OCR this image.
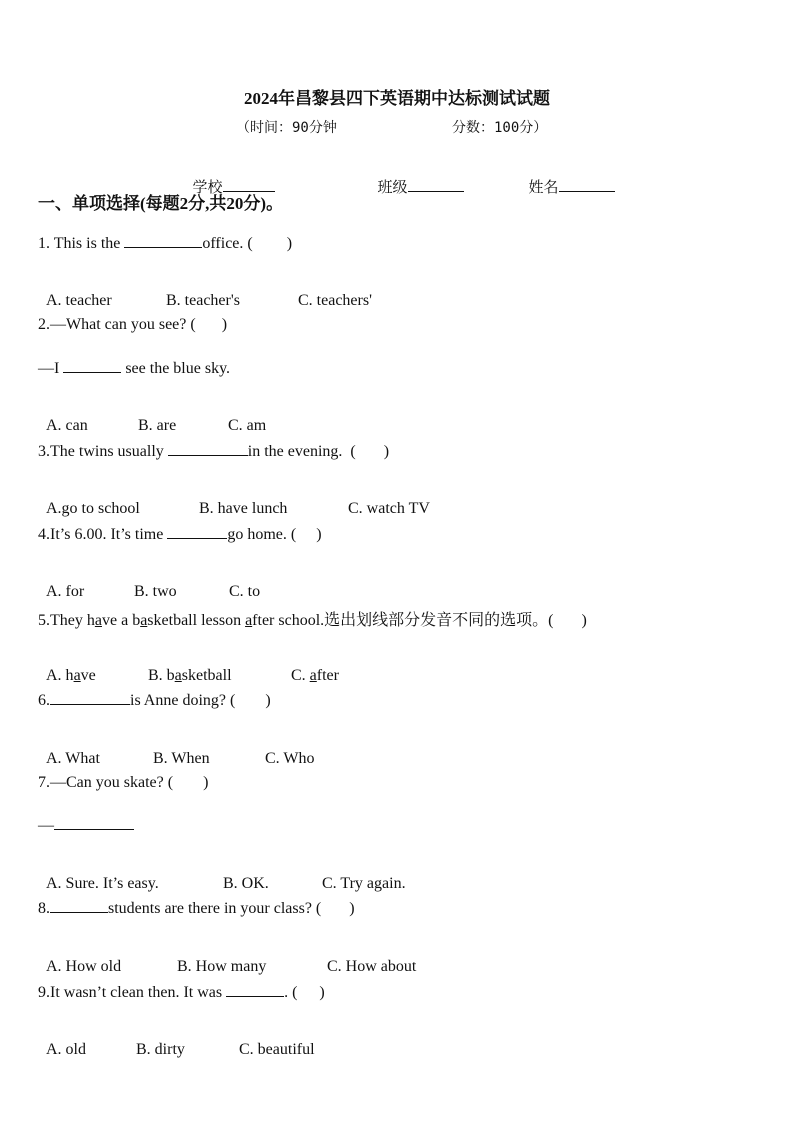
2024年昌黎县四下英语期中达标测试试题
（时间：90分钟	分数：100分）

学校	班级	姓名

一、单项选择(每题2分,共20分)。
1. This is the	office. ( )

A. teacher	B. teacher's	C. teachers'

2.—What can you see? ( )
—I	see the blue sky.

A. can	B. are	C. am

3.The twins usually	in the evening.  ( )

A.go to school	B. have lunch	C. watch TV

4.It’s 6.00. It’s time	go home. ( )

A. for	B. two	C. to

5.They have a basketball lesson after school.选出划线部分发音不同的选项。( )

A. have	B. basketball	C. after

6.	is Anne doing? ( )

A. What	B. When	C. Who

7.—Can you skate? ( )
—

A. Sure. It’s easy.	B. OK.	C. Try again.

8.	students are there in your class? ( )

A. How old	B. How many	C. How about

9.It wasn’t clean then. It was	. ( )

A. old	B. dirty	C. beautiful
